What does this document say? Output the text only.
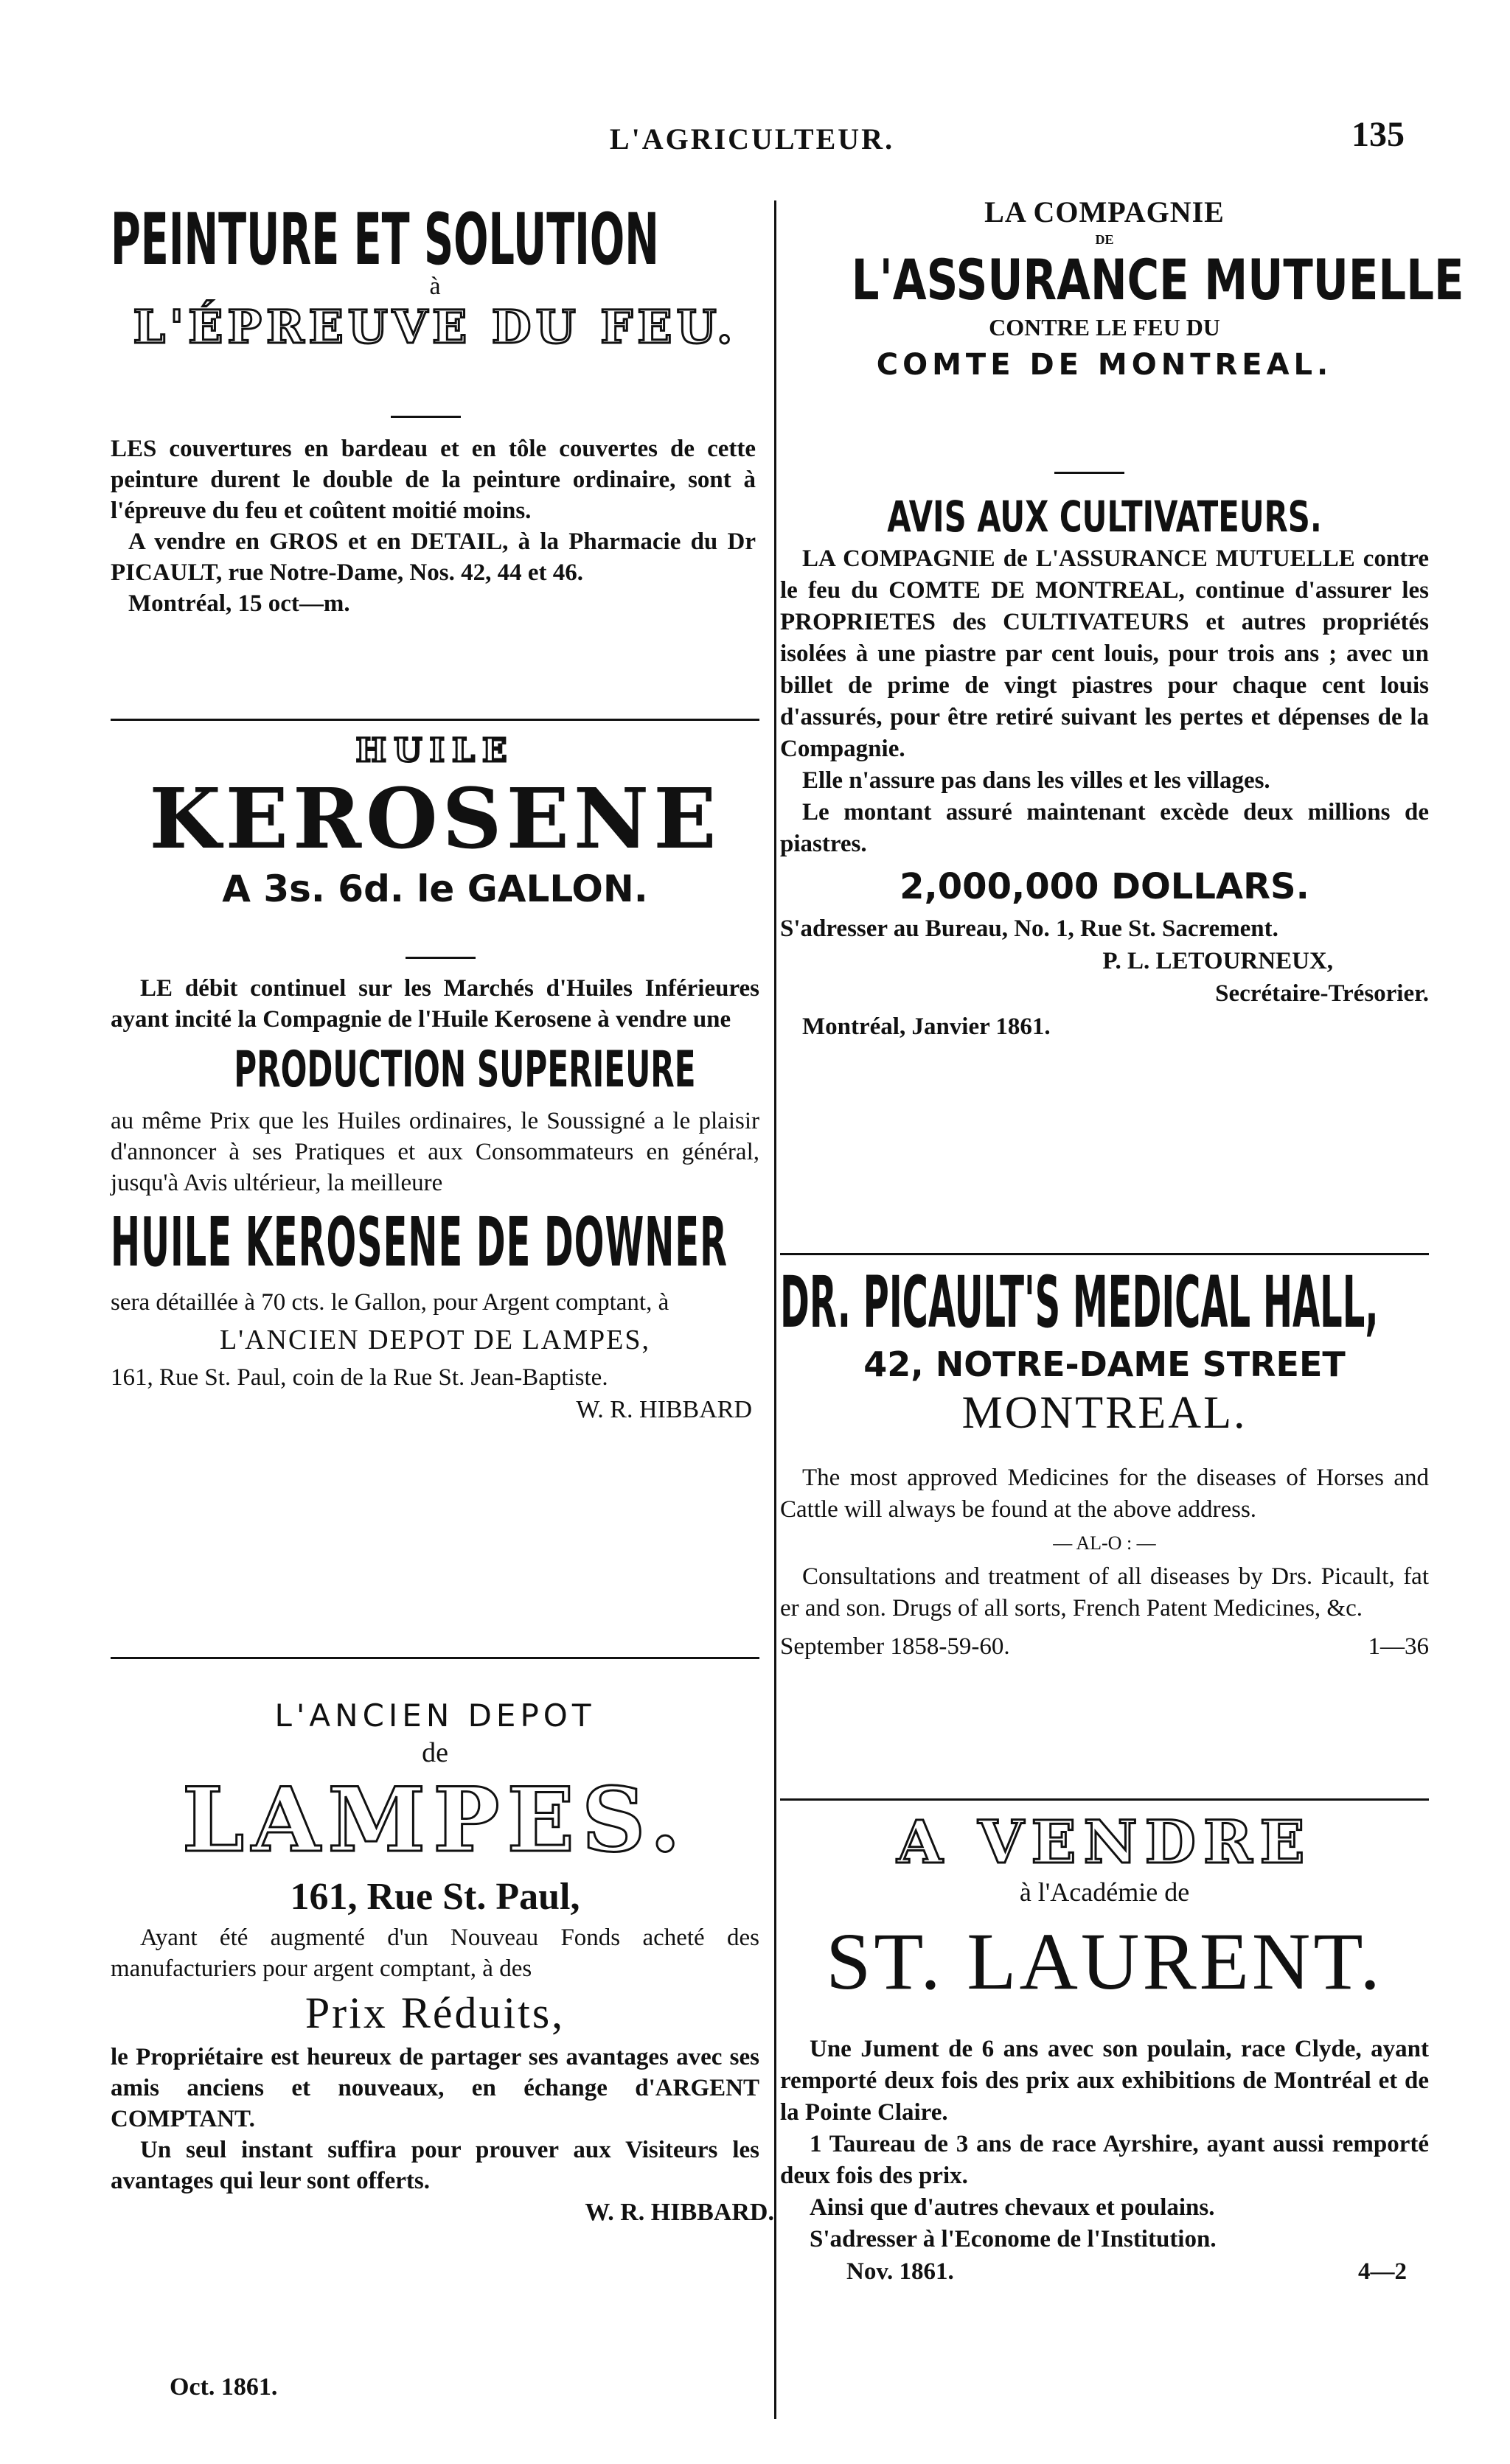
L'AGRICULTEUR.	135
PEINTURE ET SOLUTION
à
L'ÉPREUVE DU FEU.

LES couvertures en bardeau et en tôle couvertes de cette peinture durent le double de la peinture ordinaire, sont à l'épreuve du feu et coûtent moitié moins.

A vendre en GROS et en DETAIL, à la Pharmacie du Dr PICAULT, rue Notre-Dame, Nos. 42, 44 et 46.

Montréal, 15 oct—m.

HUILE
KEROSENE
A 3s. 6d. le GALLON.

LE débit continuel sur les Marchés d'Huiles Inférieures ayant incité la Compagnie de l'Huile Kerosene à vendre une

PRODUCTION SUPERIEURE

au même Prix que les Huiles ordinaires, le Soussigné a le plaisir d'annoncer à ses Pratiques et aux Consommateurs en général, jusqu'à Avis ultérieur, la meilleure

HUILE KEROSENE DE DOWNER

sera détaillée à 70 cts. le Gallon, pour Argent comptant, à

L'ANCIEN DEPOT DE LAMPES,

161, Rue St. Paul, coin de la Rue St. Jean-Baptiste.

W. R. HIBBARD

L'ANCIEN DEPOT
de
LAMPES.
161, Rue St. Paul,

Ayant été augmenté d'un Nouveau Fonds acheté des manufacturiers pour argent comptant, à des

Prix Réduits,

le Propriétaire est heureux de partager ses avantages avec ses amis anciens et nouveaux, en échange d'ARGENT COMPTANT.

Un seul instant suffira pour prouver aux Visiteurs les avantages qui leur sont offerts.

W. R. HIBBARD.

Oct. 1861.
LA COMPAGNIE
DE
L'ASSURANCE MUTUELLE
CONTRE LE FEU DU
COMTE DE MONTREAL.
AVIS AUX CULTIVATEURS.

LA COMPAGNIE de L'ASSURANCE MUTUELLE contre le feu du COMTE DE MONTREAL, continue d'assurer les PROPRIETES des CULTIVATEURS et autres propriétés isolées à une piastre par cent louis, pour trois ans ; avec un billet de prime de vingt piastres pour chaque cent louis d'assurés, pour être retiré suivant les pertes et dépenses de la Compagnie.

Elle n'assure pas dans les villes et les villages.

Le montant assuré maintenant excède deux millions de piastres.

2,000,000 DOLLARS.

S'adresser au Bureau, No. 1, Rue St. Sacrement.

P. L. LETOURNEUX,

Secrétaire-Trésorier.

Montréal, Janvier 1861.

DR. PICAULT'S MEDICAL HALL,
42, NOTRE-DAME STREET
MONTREAL.

The most approved Medicines for the diseases of Horses and Cattle will always be found at the above address.

— AL-O : —

Consultations and treatment of all diseases by Drs. Picault, fat er and son. Drugs of all sorts, French Patent Medicines, &c.

September 1858-59-60.	1—36
A VENDRE
à l'Académie de
ST. LAURENT.

Une Jument de 6 ans avec son poulain, race Clyde, ayant remporté deux fois des prix aux exhibitions de Montréal et de la Pointe Claire.

1 Taureau de 3 ans de race Ayrshire, ayant aussi remporté deux fois des prix.

Ainsi que d'autres chevaux et poulains.

S'adresser à l'Econome de l'Institution.

Nov. 1861.	4—2
